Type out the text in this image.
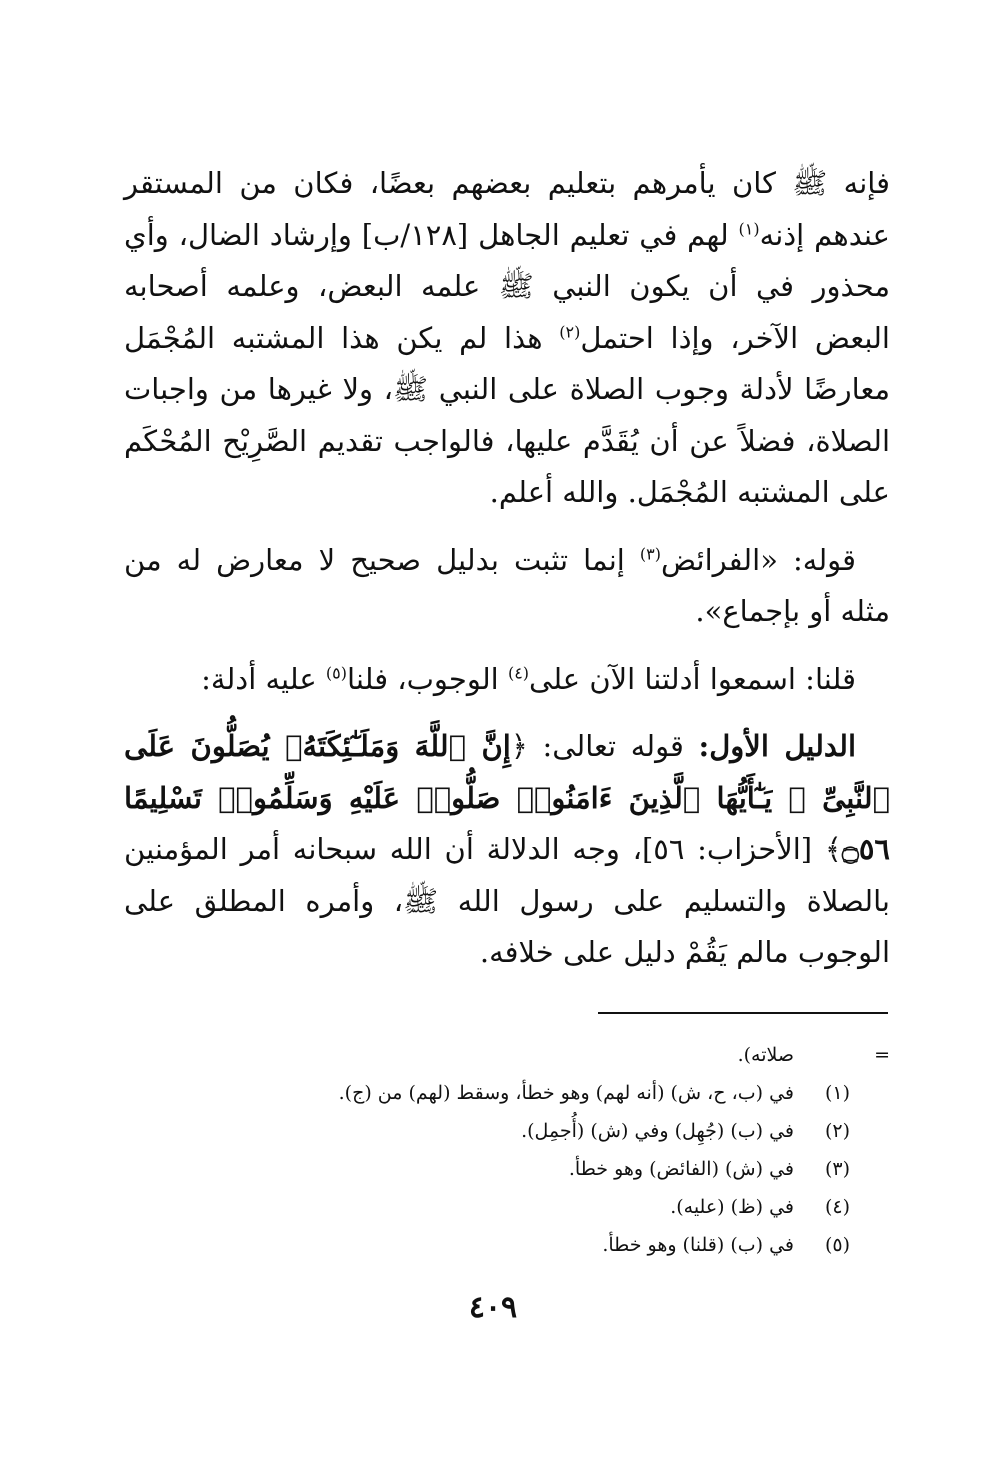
فإنه ﷺ كان يأمرهم بتعليم بعضهم بعضًا، فكان من المستقر عندهم إذنه$^{(١)}$ لهم في تعليم الجاهل [١٢٨/ب] وإرشاد الضال، وأي محذور في أن يكون النبي ﷺ علمه البعض، وعلمه أصحابه البعض الآخر، وإذا احتمل$^{(٢)}$ هذا لم يكن هذا المشتبه المُجْمَل معارضًا لأدلة وجوب الصلاة على النبي ﷺ، ولا غيرها من واجبات الصلاة، فضلاً عن أن يُقَدَّم عليها، فالواجب تقديم الصَّرِيْح المُحْكَم على المشتبه المُجْمَل. والله أعلم.

قوله: «الفرائض$^{(٣)}$ إنما تثبت بدليل صحيح لا معارض له من مثله أو بإجماع».

قلنا: اسمعوا أدلتنا الآن على$^{(٤)}$ الوجوب، فلنا$^{(٥)}$ عليه أدلة:

الدليل الأول: قوله تعالى: ﴿إِنَّ ٱللَّهَ وَمَلَـٰٓئِكَتَهُۥ يُصَلُّونَ عَلَى ٱلنَّبِىِّ ۚ يَـٰٓأَيُّهَا ٱلَّذِينَ ءَامَنُوا۟ صَلُّوا۟ عَلَيْهِ وَسَلِّمُوا۟ تَسْلِيمًا ۝٥٦﴾ [الأحزاب: ٥٦]، وجه الدلالة أن الله سبحانه أمر المؤمنين بالصلاة والتسليم على رسول الله ﷺ، وأمره المطلق على الوجوب مالم يَقُمْ دليل على خلافه.

=
صلاته).
(١)
في (ب، ح، ش) (أنه لهم) وهو خطأ، وسقط (لهم) من (ج).
(٢)
في (ب) (جُهِل) وفي (ش) (أُجمِل).
(٣)
في (ش) (الفائض) وهو خطأ.
(٤)
في (ظ) (عليه).
(٥)
في (ب) (قلنا) وهو خطأ.
٤٠٩
